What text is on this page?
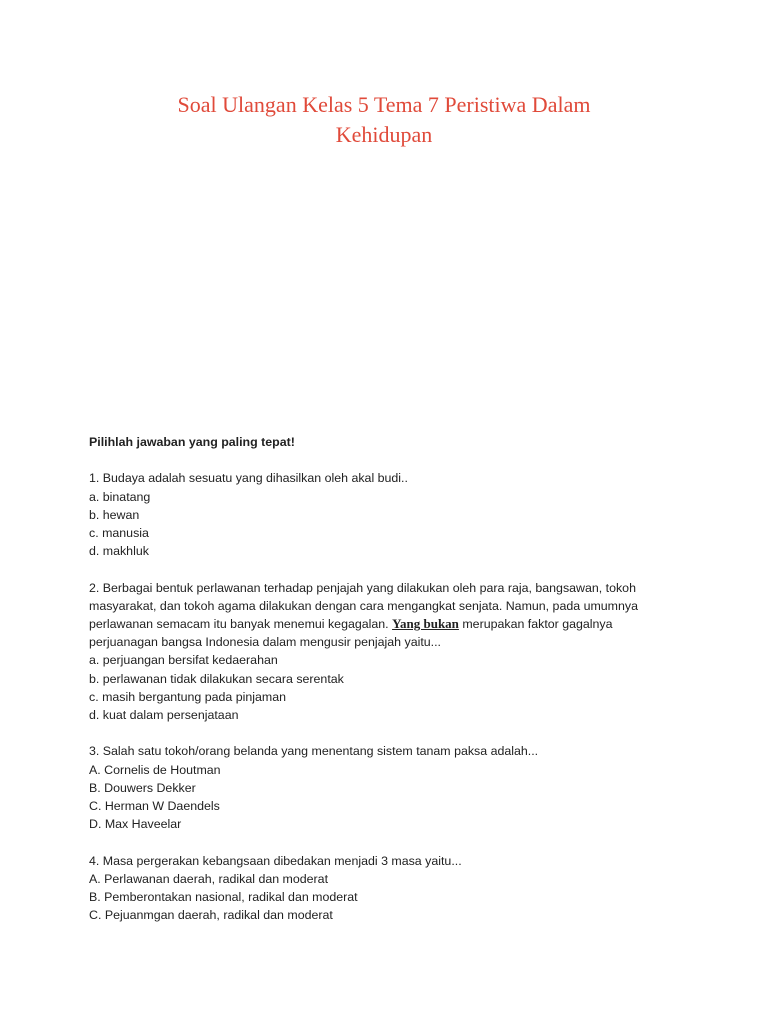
Soal Ulangan Kelas 5 Tema 7 Peristiwa Dalam
Kehidupan

Pilihlah jawaban yang paling tepat!

1. Budaya adalah sesuatu yang dihasilkan oleh akal budi..
a. binatang
b. hewan
c. manusia
d. makhluk
2. Berbagai bentuk perlawanan terhadap penjajah yang dilakukan oleh para raja, bangsawan, tokoh
masyarakat, dan tokoh agama dilakukan dengan cara mengangkat senjata. Namun, pada umumnya
perlawanan semacam itu banyak menemui kegagalan. Yang bukan merupakan faktor gagalnya
perjuanagan bangsa Indonesia dalam mengusir penjajah yaitu...
a. perjuangan bersifat kedaerahan
b. perlawanan tidak dilakukan secara serentak
c. masih bergantung pada pinjaman
d. kuat dalam persenjataan
3. Salah satu tokoh/orang belanda yang menentang sistem tanam paksa adalah...
A. Cornelis de Houtman
B. Douwers Dekker
C. Herman W Daendels
D. Max Haveelar
4. Masa pergerakan kebangsaan dibedakan menjadi 3 masa yaitu...
A. Perlawanan daerah, radikal dan moderat
B. Pemberontakan nasional, radikal dan moderat
C. Pejuanmgan daerah, radikal dan moderat
